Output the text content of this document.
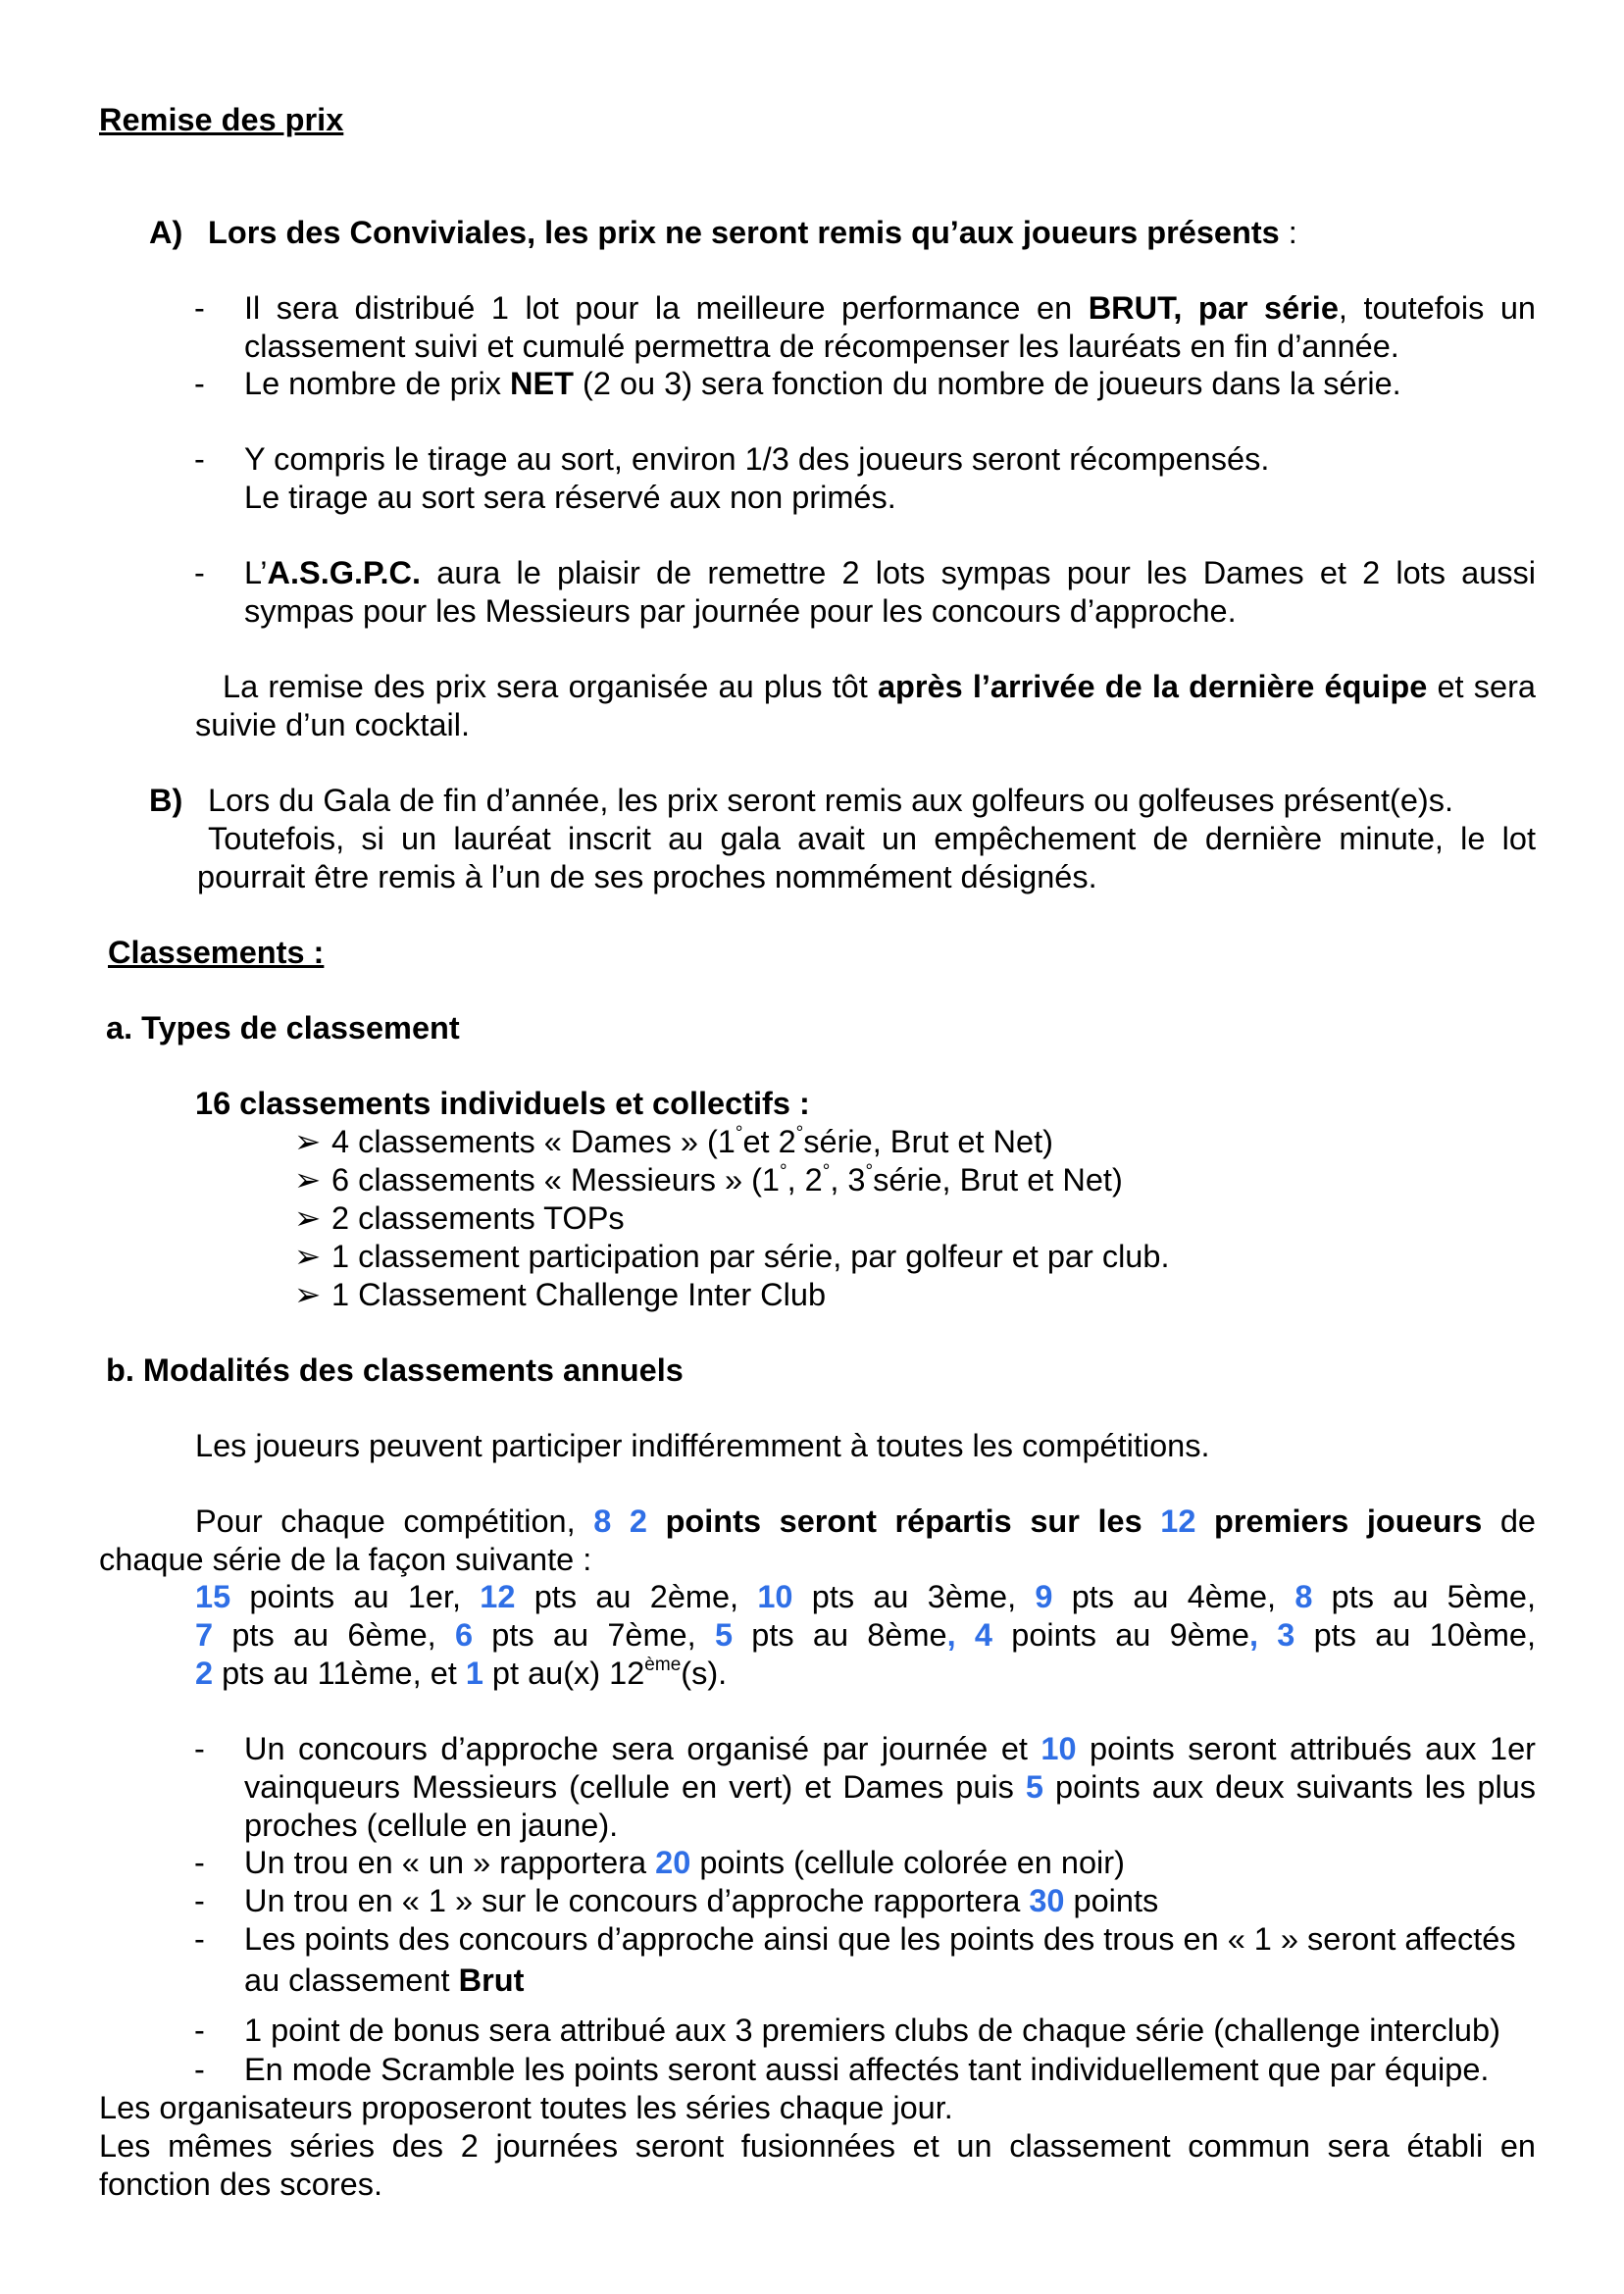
Remise des prix
A) Lors des Conviviales, les prix ne seront remis qu’aux joueurs présents :
- Il sera distribué 1 lot pour la meilleure performance en BRUT, par série, toutefois un
classement suivi et cumulé permettra de récompenser les lauréats en fin d’année.
- Le nombre de prix NET (2 ou 3) sera fonction du nombre de joueurs dans la série.
- Y compris le tirage au sort, environ 1/3 des joueurs seront récompensés.
Le tirage au sort sera réservé aux non primés.
- L’A.S.G.P.C. aura le plaisir de remettre 2 lots sympas pour les Dames et 2 lots aussi
sympas pour les Messieurs par journée pour les concours d’approche.
La remise des prix sera organisée au plus tôt après l’arrivée de la dernière équipe et sera
suivie d’un cocktail.
B) Lors du Gala de fin d’année, les prix seront remis aux golfeurs ou golfeuses présent(e)s.
Toutefois, si un lauréat inscrit au gala avait un empêchement de dernière minute, le lot
pourrait être remis à l’un de ses proches nommément désignés.
Classements :
a. Types de classement
16 classements individuels et collectifs :
➢ 4 classements « Dames » (1°et 2°série, Brut et Net)
➢ 6 classements « Messieurs » (1°, 2°, 3°série, Brut et Net)
➢ 2 classements TOPs
➢ 1 classement participation par série, par golfeur et par club.
➢ 1 Classement Challenge Inter Club
b. Modalités des classements annuels
Les joueurs peuvent participer indifféremment à toutes les compétitions.
Pour chaque compétition, 8 2 points seront répartis sur les 12 premiers joueurs de
chaque série de la façon suivante :
15 points au 1er, 12 pts au 2ème, 10 pts au 3ème, 9 pts au 4ème, 8 pts au 5ème,
7 pts au 6ème, 6 pts au 7ème, 5 pts au 8ème, 4 points au 9ème, 3 pts au 10ème,
2 pts au 11ème, et 1 pt au(x) 12ème(s).
- Un concours d’approche sera organisé par journée et 10 points seront attribués aux 1er
vainqueurs Messieurs (cellule en vert) et Dames puis 5 points aux deux suivants les plus
proches (cellule en jaune).
- Un trou en « un » rapportera 20 points (cellule colorée en noir)
- Un trou en « 1 » sur le concours d’approche rapportera 30 points
- Les points des concours d’approche ainsi que les points des trous en « 1 » seront affectés
au classement Brut
- 1 point de bonus sera attribué aux 3 premiers clubs de chaque série (challenge interclub)
- En mode Scramble les points seront aussi affectés tant individuellement que par équipe.
Les organisateurs proposeront toutes les séries chaque jour.
Les mêmes séries des 2 journées seront fusionnées et un classement commun sera établi en
fonction des scores.
